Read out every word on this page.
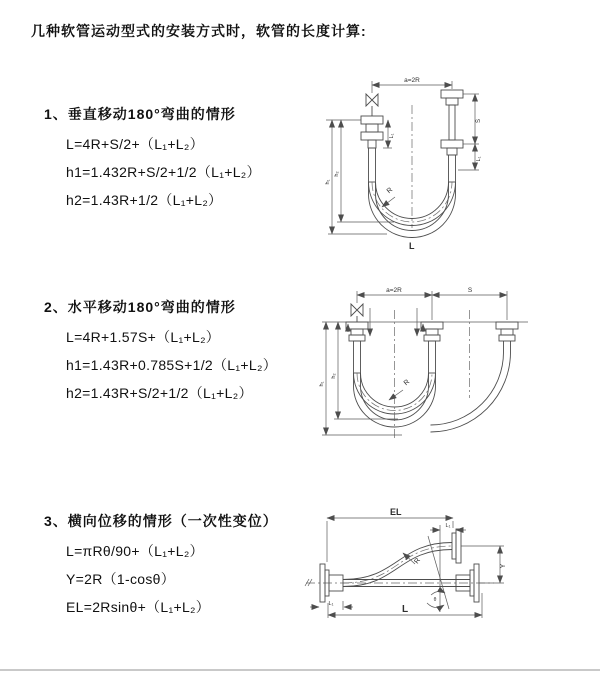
几种软管运动型式的安装方式时，软管的长度计算:
1、垂直移动180°弯曲的情形
L=4R+S/2+（L₁+L₂）
h1=1.432R+S/2+1/2（L₁+L₂）
h2=1.43R+1/2（L₁+L₂）
2、水平移动180°弯曲的情形
L=4R+1.57S+（L₁+L₂）
h1=1.43R+0.785S+1/2（L₁+L₂）
h2=1.43R+S/2+1/2（L₁+L₂）
3、横向位移的情形（一次性变位）
L=πRθ/90+（L₁+L₂）
Y=2R（1-cosθ）
EL=2Rsinθ+（L₁+L₂）
a=2R
L₁
S
L₁
h₁
h₂
R
L
a=2R	S
h₁
h₂
R
EL
L₁
Y
L
L₁
θ
R
